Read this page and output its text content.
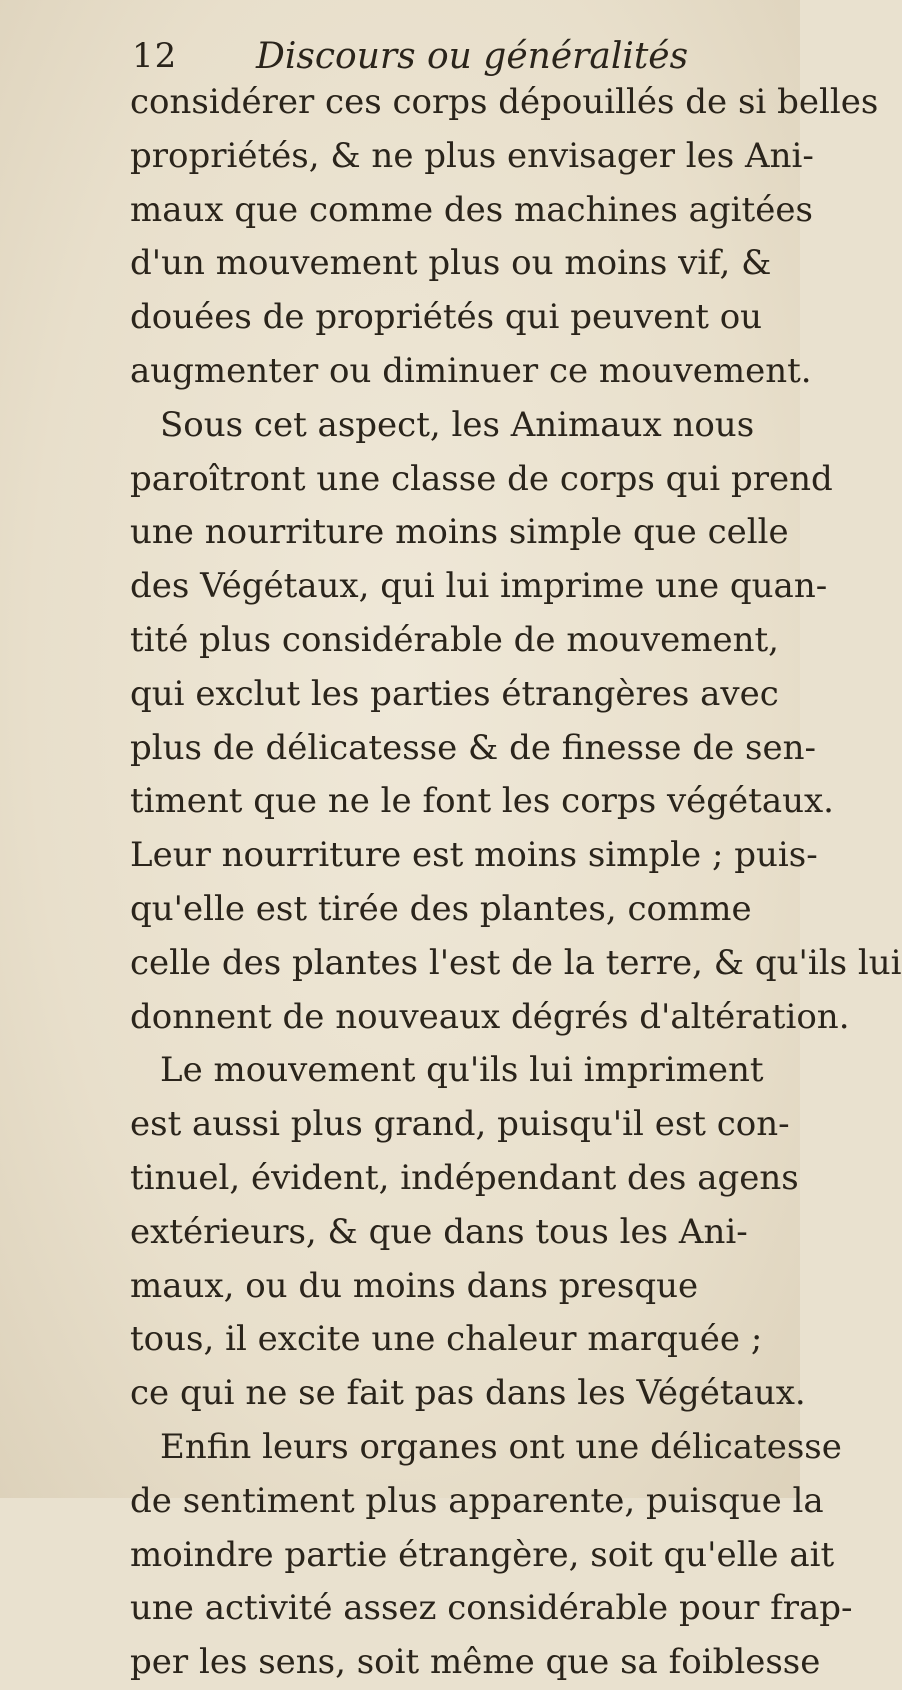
12 Discours ou généralités
considérer ces corps dépouillés de si belles
propriétés, & ne plus envisager les Ani-
maux que comme des machines agitées
d'un mouvement plus ou moins vif, &
douées de propriétés qui peuvent ou
augmenter ou diminuer ce mouvement.
Sous cet aspect, les Animaux nous
paroîtront une classe de corps qui prend
une nourriture moins simple que celle
des Végétaux, qui lui imprime une quan-
tité plus considérable de mouvement,
qui exclut les parties étrangères avec
plus de délicatesse & de finesse de sen-
timent que ne le font les corps végétaux.
Leur nourriture est moins simple ; puis-
qu'elle est tirée des plantes, comme
celle des plantes l'est de la terre, & qu'ils lui
donnent de nouveaux dégrés d'altération.
Le mouvement qu'ils lui impriment
est aussi plus grand, puisqu'il est con-
tinuel, évident, indépendant des agens
extérieurs, & que dans tous les Ani-
maux, ou du moins dans presque
tous, il excite une chaleur marquée ;
ce qui ne se fait pas dans les Végétaux.
Enfin leurs organes ont une délicatesse
de sentiment plus apparente, puisque la
moindre partie étrangère, soit qu'elle ait
une activité assez considérable pour frap-
per les sens, soit même que sa foiblesse
